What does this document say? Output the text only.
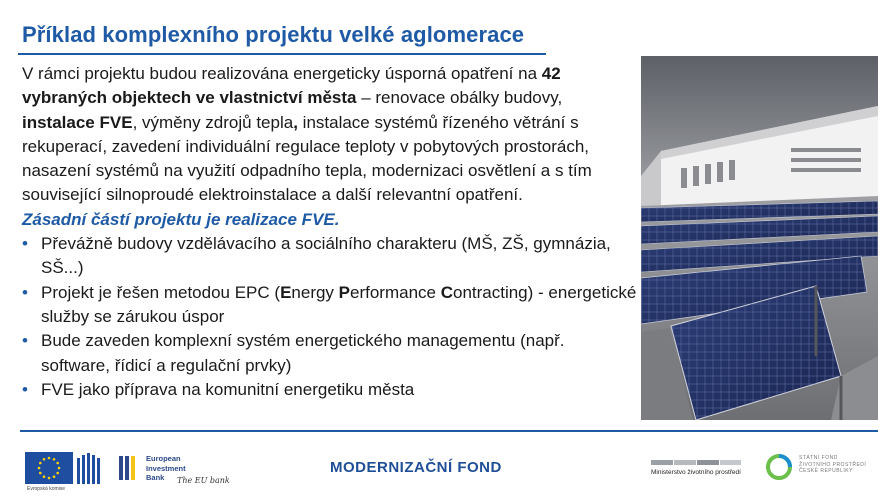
Příklad komplexního projektu velké aglomerace

V rámci projektu budou realizována energeticky úsporná opatření na 42 vybraných objektech ve vlastnictví města – renovace obálky budovy, instalace FVE, výměny zdrojů tepla, instalace systémů řízeného větrání s rekuperací, zavedení individuální regulace teploty v pobytových prostorách, nasazení systémů na využití odpadního tepla, modernizaci osvětlení a s tím související silnoproudé elektroinstalace a další relevantní opatření.

Zásadní částí projektu je realizace FVE.

• Převážně budovy vzdělávacího a sociálního charakteru (MŠ, ZŠ, gymnázia, SŠ...)
• Projekt je řešen metodou EPC (Energy Performance Contracting) - energetické služby se zárukou úspor
• Bude zaveden komplexní systém energetického managementu (např. software, řídicí a regulační prvky)
• FVE jako příprava na komunitní energetiku města
Evropská komise
European
Investment
Bank	The EU bank
MODERNIZAČNÍ FOND	Ministerstvo životního prostředí
STÁTNÍ FOND
ŽIVOTNÍHO PROSTŘEDÍ
ČESKÉ REPUBLIKY
